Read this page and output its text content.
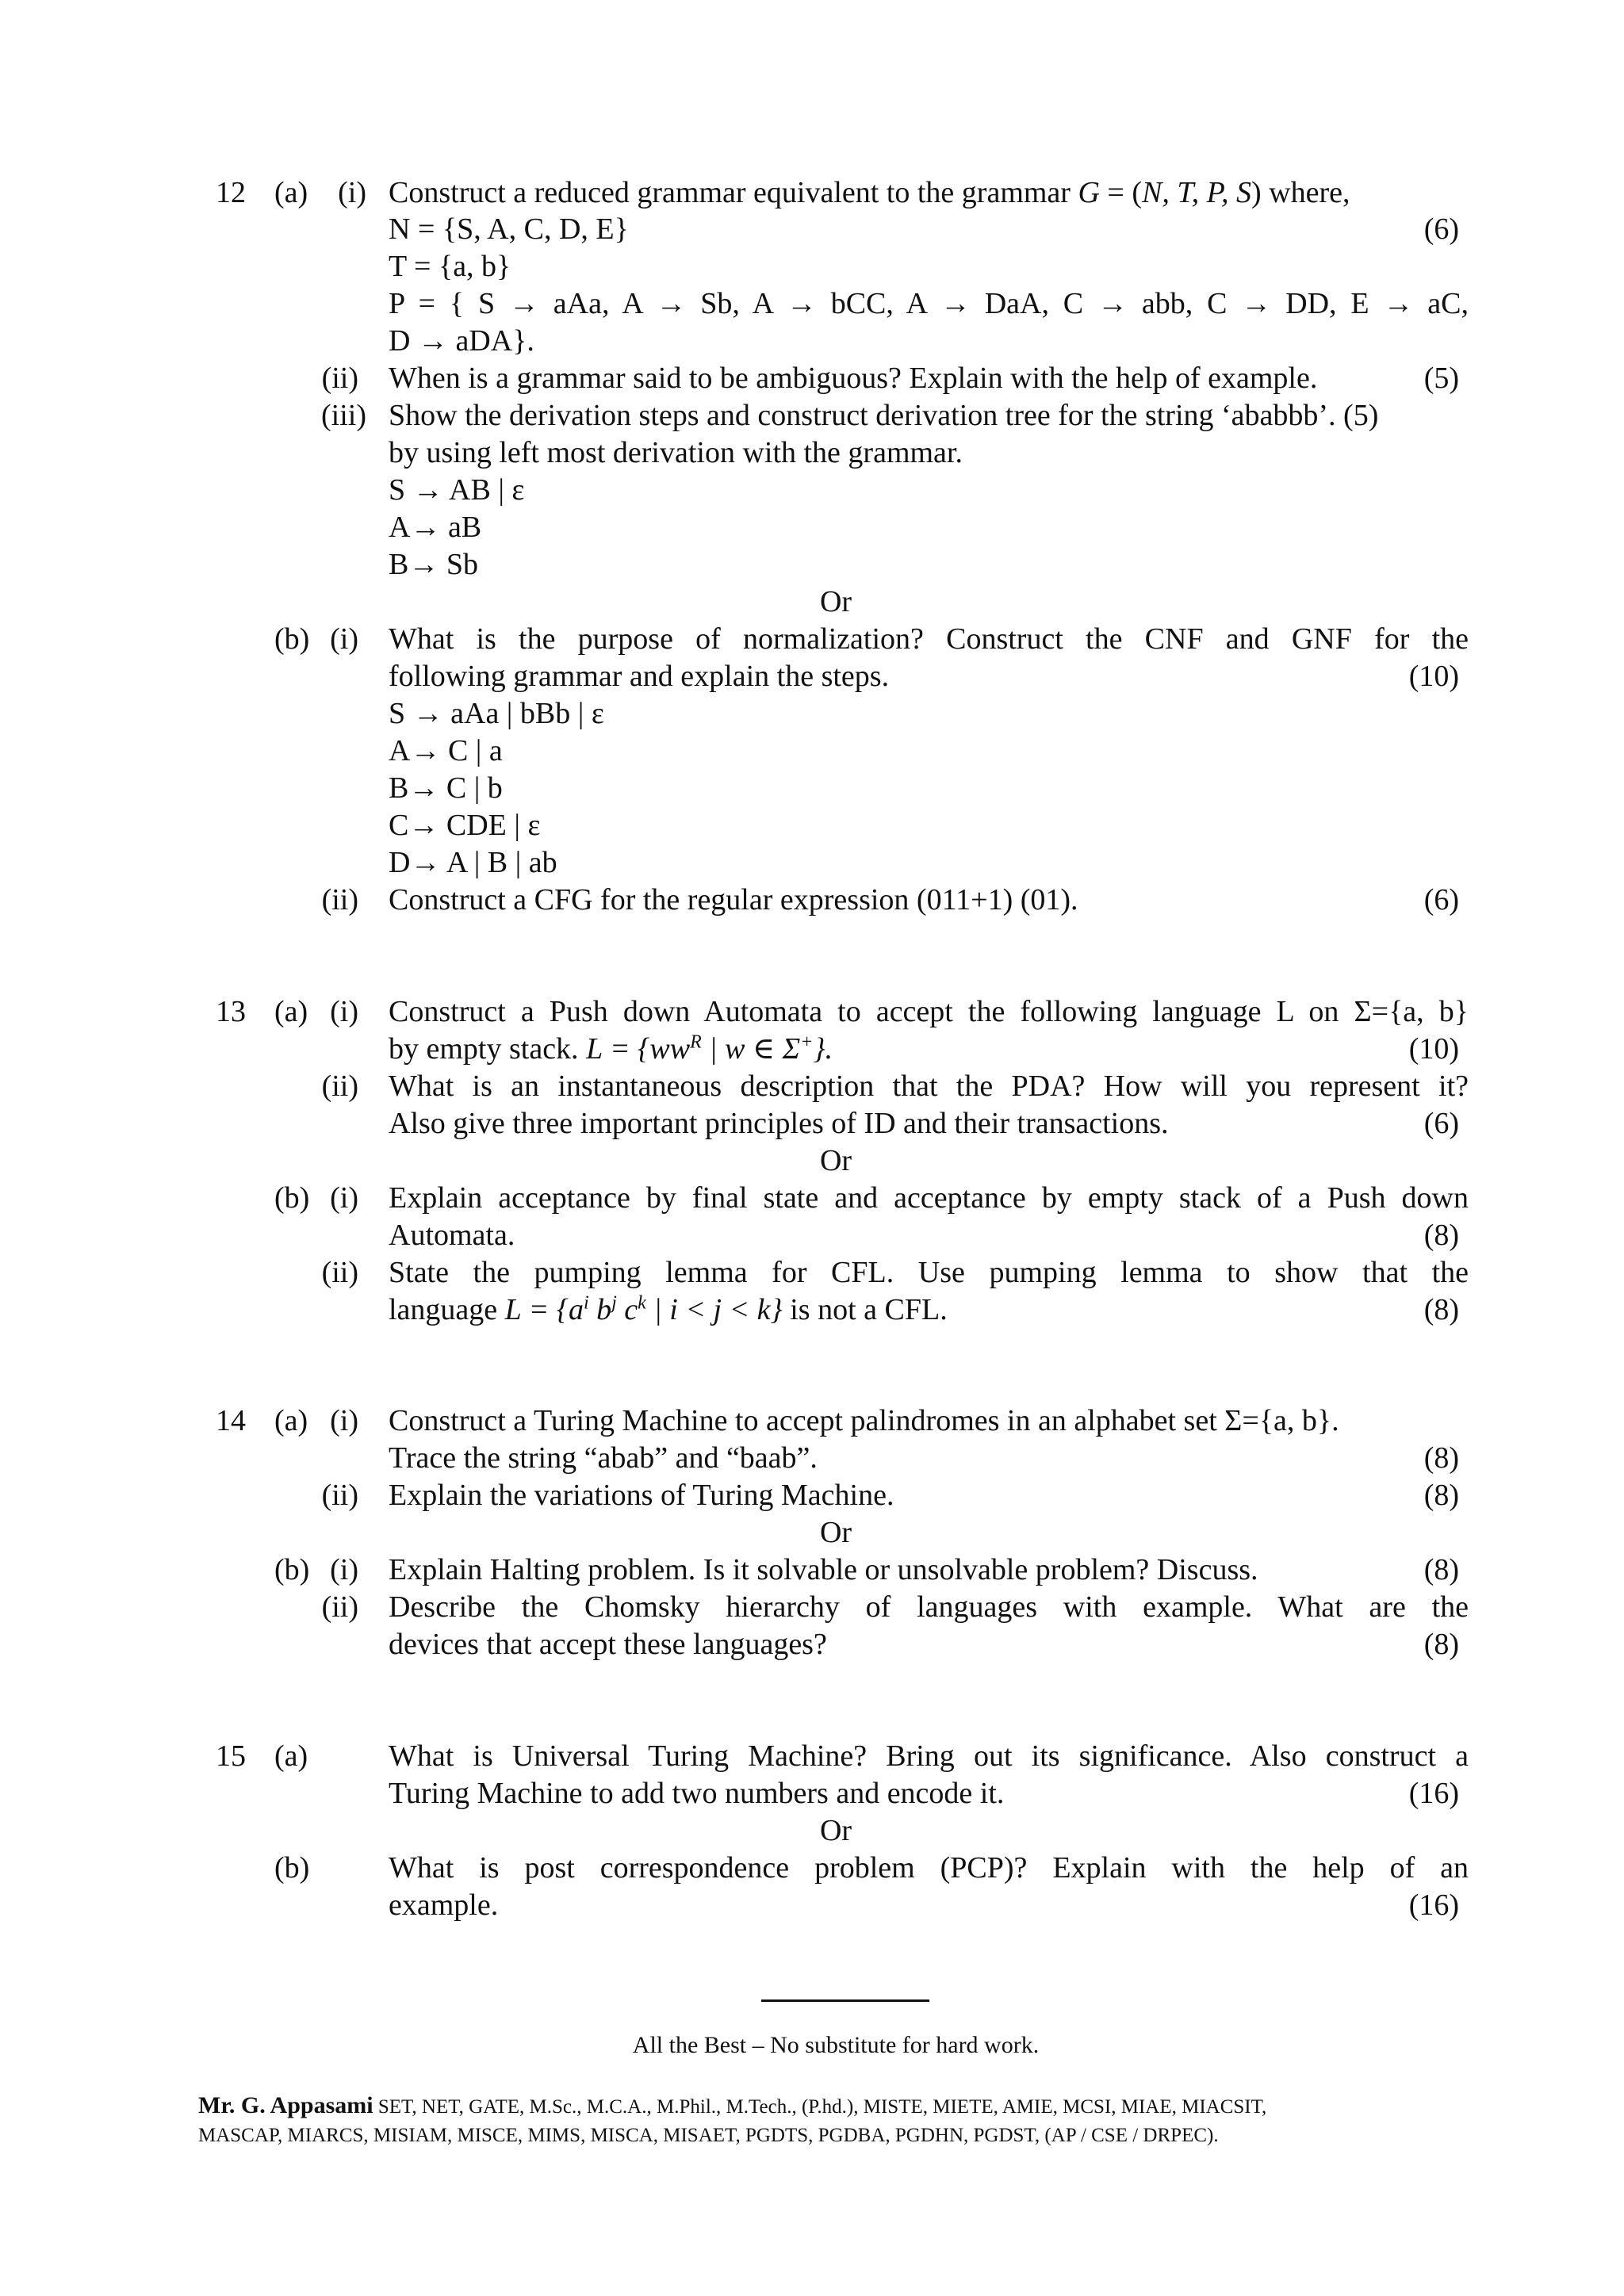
12 (a) (i) Construct a reduced grammar equivalent to the grammar G = (N, T, P, S) where,
N = {S, A, C, D, E}	(6)
T = {a, b}
P = { S → aAa, A → Sb, A → bCC, A → DaA, C → abb, C → DD, E → aC,
D → aDA}.
(ii) When is a grammar said to be ambiguous? Explain with the help of example.	(5)
(iii) Show the derivation steps and construct derivation tree for the string ‘ababbb’. (5)
by using left most derivation with the grammar.
S → AB | ε
A→ aB
B→ Sb
Or
(b) (i) What is the purpose of normalization? Construct the CNF and GNF for the
following grammar and explain the steps.	(10)
S → aAa | bBb | ε
A→ C | a
B→ C | b
C→ CDE | ε
D→ A | B | ab
(ii) Construct a CFG for the regular expression (011+1) (01).	(6)
13 (a) (i) Construct a Push down Automata to accept the following language L on Σ={a, b}
by empty stack. $L = \{ww^R$ | w ∈ Σ+}.	(10)
(ii) What is an instantaneous description that the PDA? How will you represent it?
Also give three important principles of ID and their transactions.	(6)
Or
(b) (i) Explain acceptance by final state and acceptance by empty stack of a Push down
Automata.	(8)
(ii) State the pumping lemma for CFL. Use pumping lemma to show that the
language $L = \{a^i$ $b^j$ $c^k$ | i < j < k} is not a CFL.	(8)
14 (a) (i) Construct a Turing Machine to accept palindromes in an alphabet set Σ={a, b}.
Trace the string “abab” and “baab”.	(8)
(ii) Explain the variations of Turing Machine.	(8)
Or
(b) (i) Explain Halting problem. Is it solvable or unsolvable problem? Discuss.	(8)
(ii) Describe the Chomsky hierarchy of languages with example. What are the
devices that accept these languages?	(8)
15 (a)	What is Universal Turing Machine? Bring out its significance. Also construct a
Turing Machine to add two numbers and encode it.	(16)
Or
(b)	What is post correspondence problem (PCP)? Explain with the help of an
example.	(16)
All the Best – No substitute for hard work.
Mr. G. Appasami SET, NET, GATE, M.Sc., M.C.A., M.Phil., M.Tech., (P.hd.), MISTE, MIETE, AMIE, MCSI, MIAE, MIACSIT,
MASCAP, MIARCS, MISIAM, MISCE, MIMS, MISCA, MISAET, PGDTS, PGDBA, PGDHN, PGDST, (AP / CSE / DRPEC).
